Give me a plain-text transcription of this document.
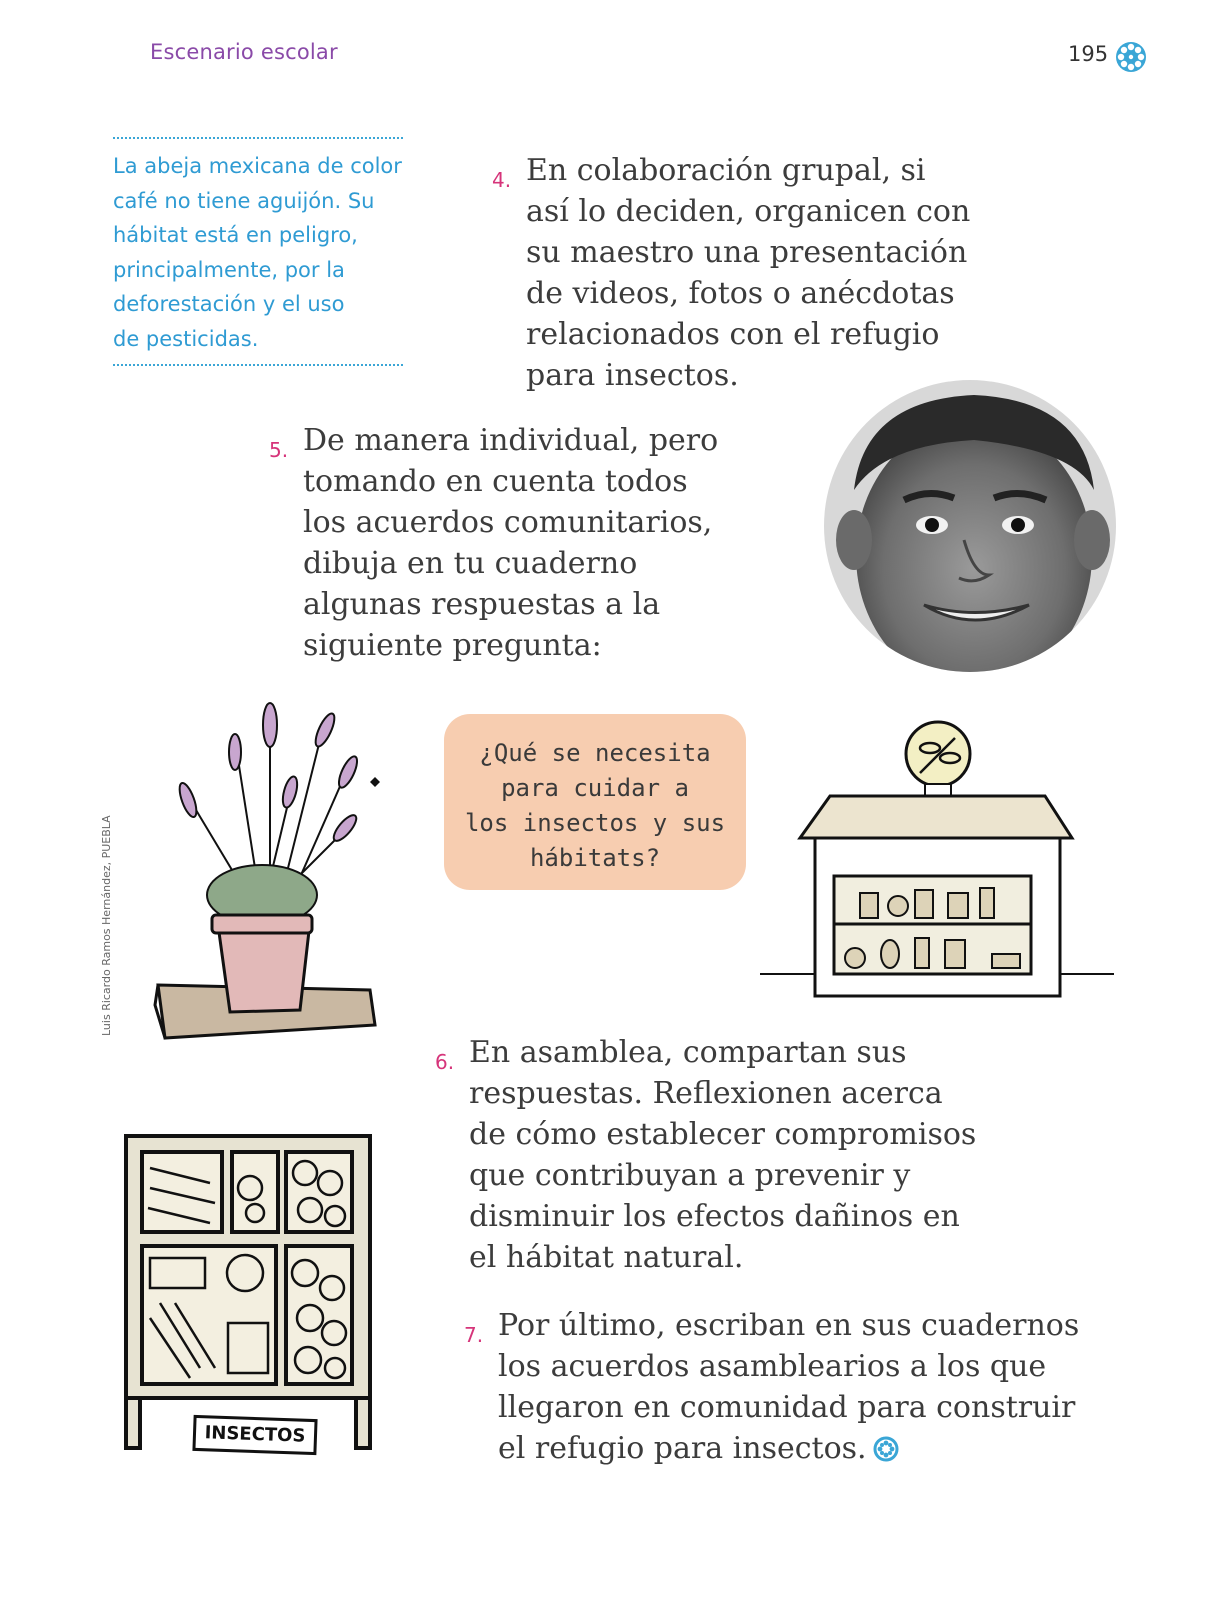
Escenario escolar	195
La abeja mexicana de color
café no tiene aguijón. Su
hábitat está en peligro,
principalmente, por la
deforestación y el uso
de pesticidas.
4. En colaboración grupal, si
así lo deciden, organicen con
su maestro una presentación
de videos, fotos o anécdotas
relacionados con el refugio
para insectos.
5. De manera individual, pero
tomando en cuenta todos
los acuerdos comunitarios,
dibuja en tu cuaderno
algunas respuestas a la
siguiente pregunta:
Luis Ricardo Ramos Hernández, PUEBLA
¿Qué se necesita
para cuidar a
los insectos y sus
hábitats?
6. En asamblea, compartan sus
respuestas. Reflexionen acerca
de cómo establecer compromisos
que contribuyan a prevenir y
disminuir los efectos dañinos en
el hábitat natural.
INSECTOS
7. Por último, escriban en sus cuadernos
los acuerdos asamblearios a los que
llegaron en comunidad para construir
el refugio para insectos.
